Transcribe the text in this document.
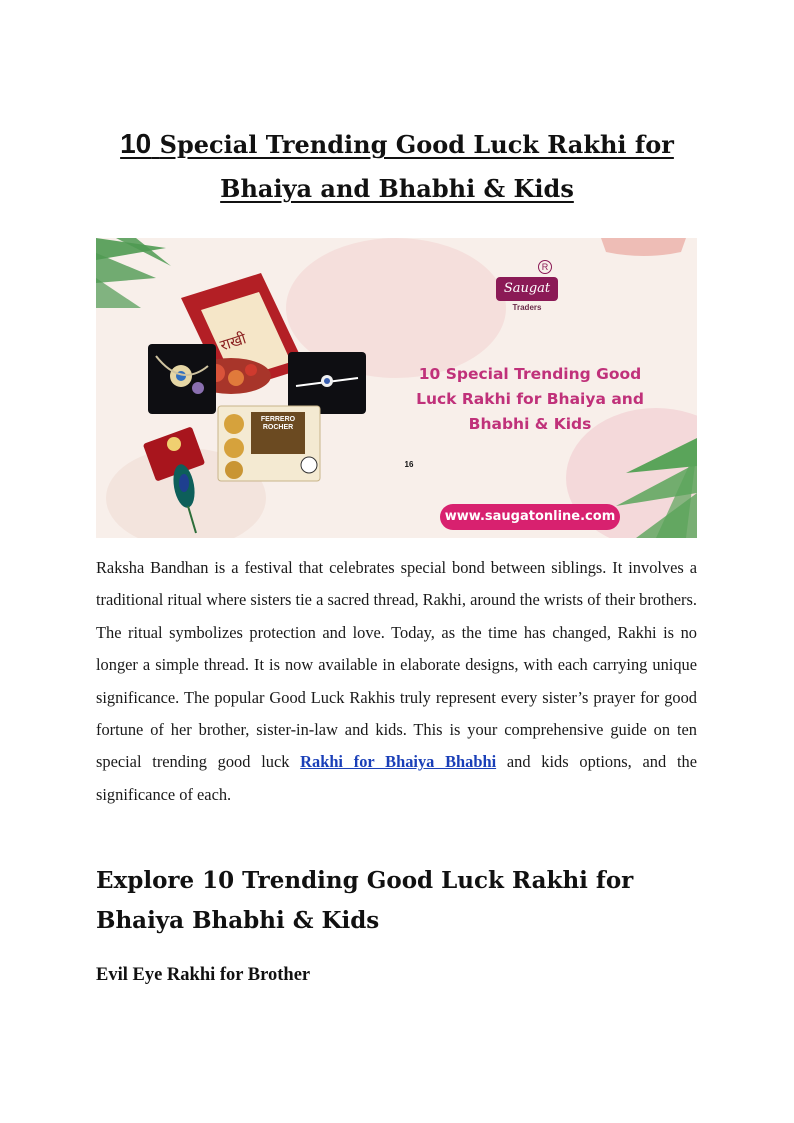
10 Special Trending Good Luck Rakhi for
Bhaiya and Bhabhi & Kids
राखी
FERRERO
ROCHER
16
R
Saugat
Traders
10 Special Trending Good
Luck Rakhi for Bhaiya and
Bhabhi & Kids
www.saugatonline.com

Raksha Bandhan is a festival that celebrates special bond between siblings. It involves a traditional ritual where sisters tie a sacred thread, Rakhi, around the wrists of their brothers. The ritual symbolizes protection and love. Today, as the time has changed, Rakhi is no longer a simple thread. It is now available in elaborate designs, with each carrying unique significance. The popular Good Luck Rakhis truly represent every sister’s prayer for good fortune of her brother, sister-in-law and kids. This is your comprehensive guide on ten special trending good luck Rakhi for Bhaiya Bhabhi and kids options, and the significance of each.

Explore 10 Trending Good Luck Rakhi for
Bhaiya Bhabhi & Kids
Evil Eye Rakhi for Brother
